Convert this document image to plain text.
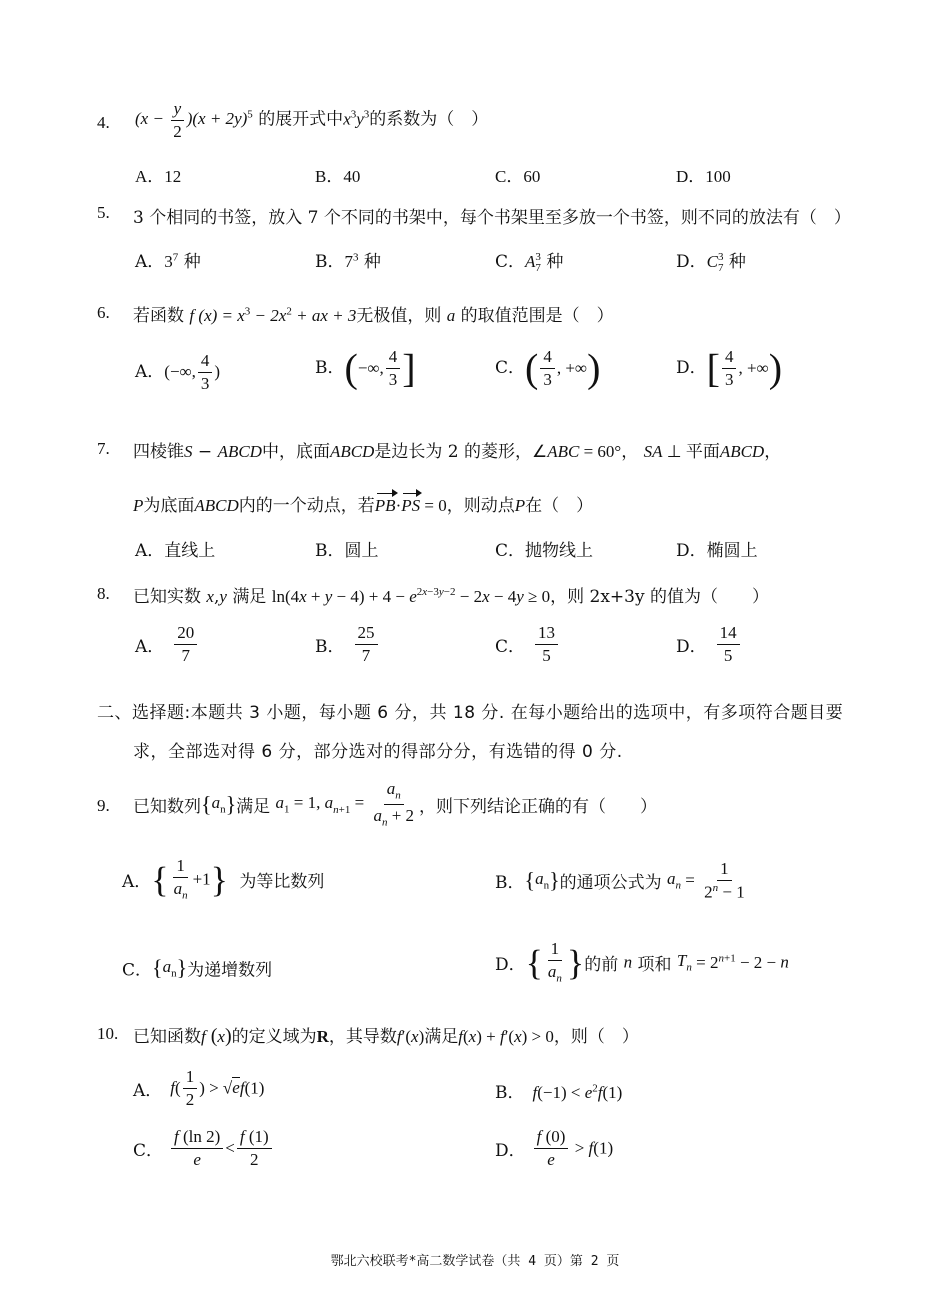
4. $(x - \frac{y}{2} )(x + 2y)^5$ 的展开式中$x^3y^3$的系数为（　）
A．12	B．40	C．60	D．100
5. 3 个相同的书签，放入 7 个不同的书架中，每个书架里至多放一个书签，则不同的放法有（　）
A．$3^7$ 种	B．$7^3$ 种	C．A 3
7 种	D．C 3
7 种
6. 若函数 f $(x) = x^3 - 2x^2$ + ax + 3无极值，则 a 的取值范围是（　）
A．(−∞, $\frac{4}{3}$ )	B．(−∞, $\frac{4}{3}$ ]	C．( $\frac{4}{3}$ , +∞)	D．[ $\frac{4}{3}$ , +∞)
7. 四棱锥S − ABCD中，底面ABCD是边长为 2 的菱形，∠ABC = 60°， SA ⊥ 平面ABCD，
P为底面ABCD内的一个动点，若PB·PS = 0，则动点P在（　）
A．直线上	B．圆上	C．抛物线上	D．椭圆上
8. 已知实数 x,y 满足 $\ln(4x + y - 4) + 4 - e^{2x-3y-2} - 2x - 4y \ge 0$，则 2x+3y 的值为（　　）
A． $\frac{20}{7}$	B． $\frac{25}{7}$	C． $\frac{13}{5}$	D． $\frac{14}{5}$
二、选择题:本题共 3 小题，每小题 6 分，共 18 分. 在每小题给出的选项中，有多项符合题目要
求，全部选对得 6 分，部分选对的得部分分，有选错的得 0 分.
9. 已知数列$\{a_n\}$满足 $a_1 = 1$, $a_{n+1} = \frac{a_n}{a_n + 2}$ ，则下列结论正确的有（　　）
A．{ $\frac{1}{a_n} +1$} 为等比数列	B．$\{a_n\}$的通项公式为 $a_n = \frac{1}{2^n - 1}$
C．$\{a_n\}$为递增数列	D．{ $\frac{1}{a_n}$ }的前 n 项和 $T_n = 2^{n+1} - 2 - n$
10. 已知函数f (x)的定义域为R，其导数f′(x)满足f(x) + f′(x) > 0，则（　）
A． $f( \frac{1}{2}$ ) > √ef(1)	B． $f(-1) < e^2f(1)$
C． $\frac{f (\ln 2)}{e} < \frac{f (1)}{2}$	D． $\frac{f (0)}{e} > f(1)$
鄂北六校联考*高二数学试卷（共 4 页）第 2 页
